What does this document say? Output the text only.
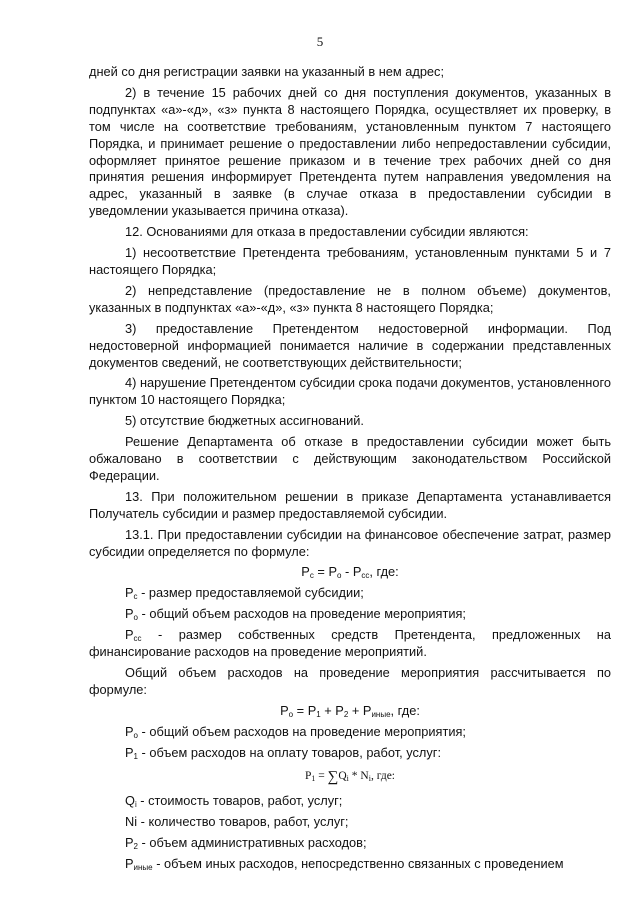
5

дней со дня регистрации заявки на указанный в нем адрес;

2) в течение 15 рабочих дней со дня поступления документов, указанных в подпунктах «а»-«д», «з» пункта 8 настоящего Порядка, осуществляет их проверку, в том числе на соответствие требованиям, установленным пунктом 7 настоящего Порядка, и принимает решение о предоставлении либо непредоставлении субсидии, оформляет принятое решение приказом и в течение трех рабочих дней со дня принятия решения информирует Претендента путем направления уведомления на адрес, указанный в заявке (в случае отказа в предоставлении субсидии в уведомлении указывается причина отказа).

12. Основаниями для отказа в предоставлении субсидии являются:

1) несоответствие Претендента требованиям, установленным пунктами 5 и 7 настоящего Порядка;

2) непредставление (предоставление не в полном объеме) документов, указанных в подпунктах «а»-«д», «з» пункта 8 настоящего Порядка;

3) предоставление Претендентом недостоверной информации. Под недостоверной информацией понимается наличие в содержании представленных документов сведений, не соответствующих действительности;

4) нарушение Претендентом субсидии срока подачи документов, установленного пунктом 10 настоящего Порядка;

5) отсутствие бюджетных ассигнований.

Решение Департамента об отказе в предоставлении субсидии может быть обжаловано в соответствии с действующим законодательством Российской Федерации.

13. При положительном решении в приказе Департамента устанавливается Получатель субсидии и размер предоставляемой субсидии.

13.1. При предоставлении субсидии на финансовое обеспечение затрат, размер субсидии определяется по формуле:

$Р_с = Р_о - Р_{сс}$, где:

$Р_с$ - размер предоставляемой субсидии;

$Р_о$ - общий объем расходов на проведение мероприятия;

$Р_{сс}$ - размер собственных средств Претендента, предложенных на финансирование расходов на проведение мероприятий.

Общий объем расходов на проведение мероприятия рассчитывается по формуле:

$Р_о = Р_1 + Р_2 + Р_{иные}$, где:

$Р_о$ - общий объем расходов на проведение мероприятия;

$Р_1$ - объем расходов на оплату товаров, работ, услуг:

$Р_1 = \sum Q_i * N_i$, где:

$Q_i$ - стоимость товаров, работ, услуг;

Ni - количество товаров, работ, услуг;

$Р_2$ - объем административных расходов;

$Р_{иные}$ - объем иных расходов, непосредственно связанных с проведением
